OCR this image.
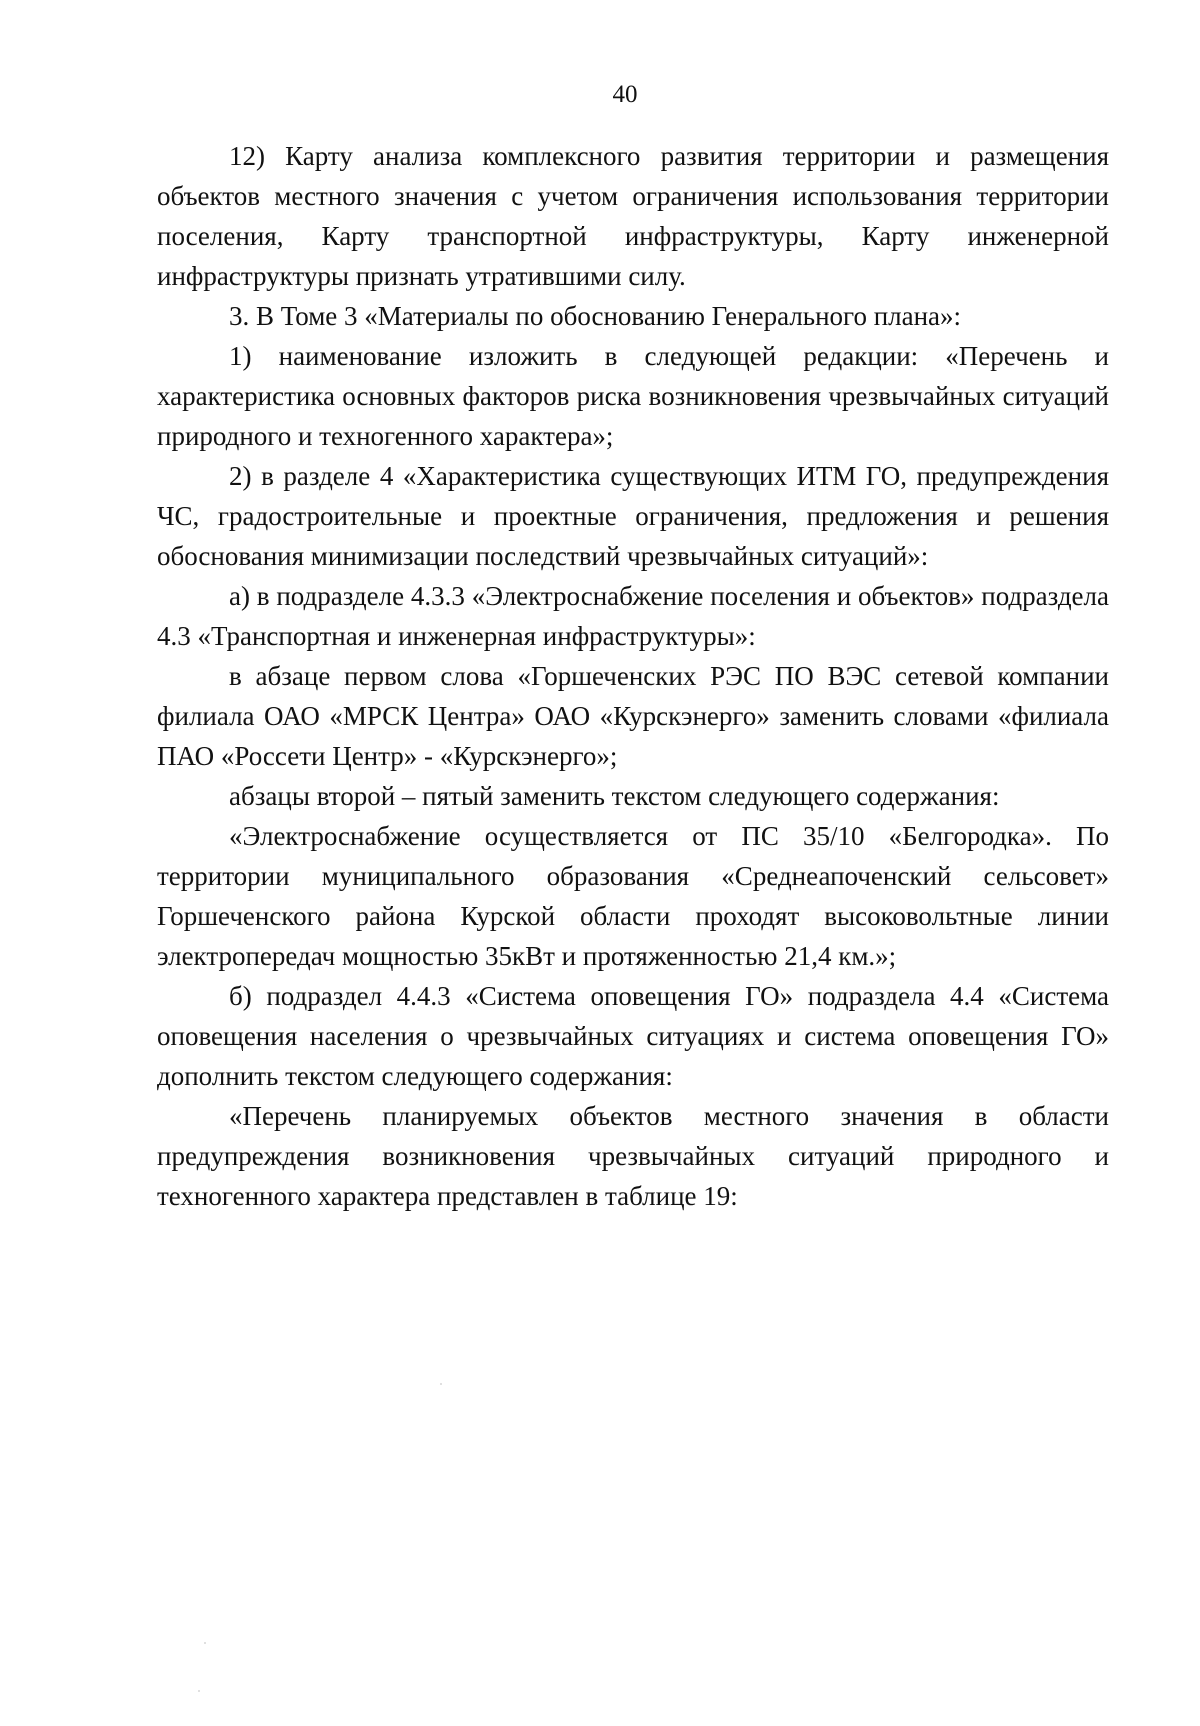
40

12) Карту анализа комплексного развития территории и размещения объектов местного значения с учетом ограничения использования территории поселения, Карту транспортной инфраструктуры, Карту инженерной инфраструктуры признать утратившими силу.

3. В Томе 3 «Материалы по обоснованию Генерального плана»:

1) наименование изложить в следующей редакции: «Перечень и характеристика основных факторов риска возникновения чрезвычайных ситуаций природного и техногенного характера»;

2) в разделе 4 «Характеристика существующих ИТМ ГО, предупреждения ЧС, градостроительные и проектные ограничения, предложения и решения обоснования минимизации последствий чрезвычайных ситуаций»:

а) в подразделе 4.3.3 «Электроснабжение поселения и объектов» подраздела 4.3 «Транспортная и инженерная инфраструктуры»:

в абзаце первом слова «Горшеченских РЭС ПО ВЭС сетевой компании филиала ОАО «МРСК Центра» ОАО «Курскэнерго» заменить словами «филиала ПАО «Россети Центр» - «Курскэнерго»;

абзацы второй – пятый заменить текстом следующего содержания:

«Электроснабжение осуществляется от ПС 35/10 «Белгородка». По территории муниципального образования «Среднеапоченский сельсовет» Горшеченского района Курской области проходят высоковольтные линии электропередач мощностью 35кВт и протяженностью 21,4 км.»;

б) подраздел 4.4.3 «Система оповещения ГО» подраздела 4.4 «Система оповещения населения о чрезвычайных ситуациях и система оповещения ГО» дополнить текстом следующего содержания:

«Перечень планируемых объектов местного значения в области предупреждения возникновения чрезвычайных ситуаций природного и техногенного характера представлен в таблице 19:
